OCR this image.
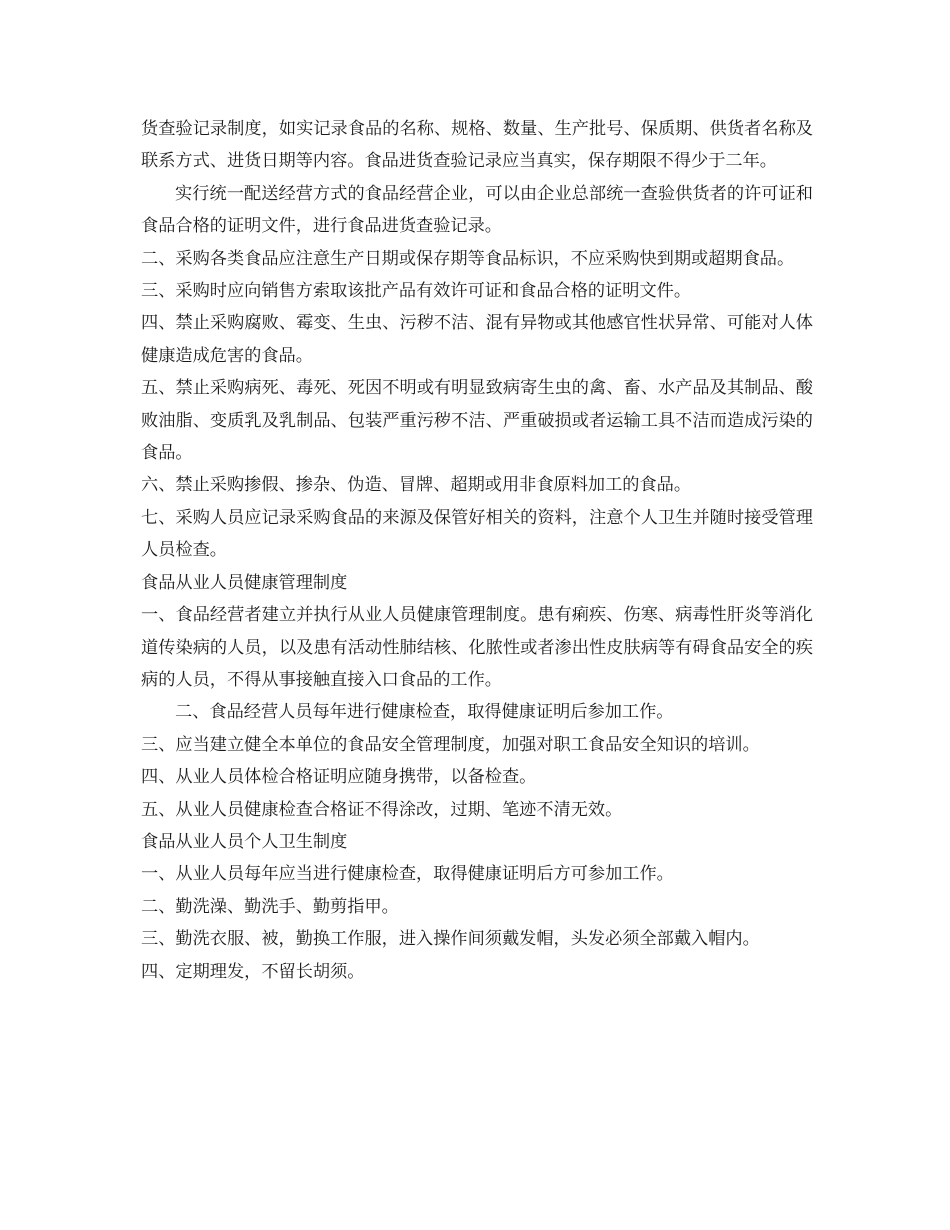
货查验记录制度，如实记录食品的名称、规格、数量、生产批号、保质期、供货者名称及联系方式、进货日期等内容。食品进货查验记录应当真实，保存期限不得少于二年。

实行统一配送经营方式的食品经营企业，可以由企业总部统一查验供货者的许可证和食品合格的证明文件，进行食品进货查验记录。

二、采购各类食品应注意生产日期或保存期等食品标识，不应采购快到期或超期食品。

三、采购时应向销售方索取该批产品有效许可证和食品合格的证明文件。

四、禁止采购腐败、霉变、生虫、污秽不洁、混有异物或其他感官性状异常、可能对人体健康造成危害的食品。

五、禁止采购病死、毒死、死因不明或有明显致病寄生虫的禽、畜、水产品及其制品、酸败油脂、变质乳及乳制品、包装严重污秽不洁、严重破损或者运输工具不洁而造成污染的食品。

六、禁止采购掺假、掺杂、伪造、冒牌、超期或用非食原料加工的食品。

七、采购人员应记录采购食品的来源及保管好相关的资料，注意个人卫生并随时接受管理人员检查。

食品从业人员健康管理制度

一、食品经营者建立并执行从业人员健康管理制度。患有痢疾、伤寒、病毒性肝炎等消化道传染病的人员，以及患有活动性肺结核、化脓性或者渗出性皮肤病等有碍食品安全的疾病的人员，不得从事接触直接入口食品的工作。

二、食品经营人员每年进行健康检查，取得健康证明后参加工作。

三、应当建立健全本单位的食品安全管理制度，加强对职工食品安全知识的培训。

四、从业人员体检合格证明应随身携带，以备检查。

五、从业人员健康检查合格证不得涂改，过期、笔迹不清无效。

食品从业人员个人卫生制度

一、从业人员每年应当进行健康检查，取得健康证明后方可参加工作。

二、勤洗澡、勤洗手、勤剪指甲。

三、勤洗衣服、被，勤换工作服，进入操作间须戴发帽，头发必须全部戴入帽内。

四、定期理发，不留长胡须。
